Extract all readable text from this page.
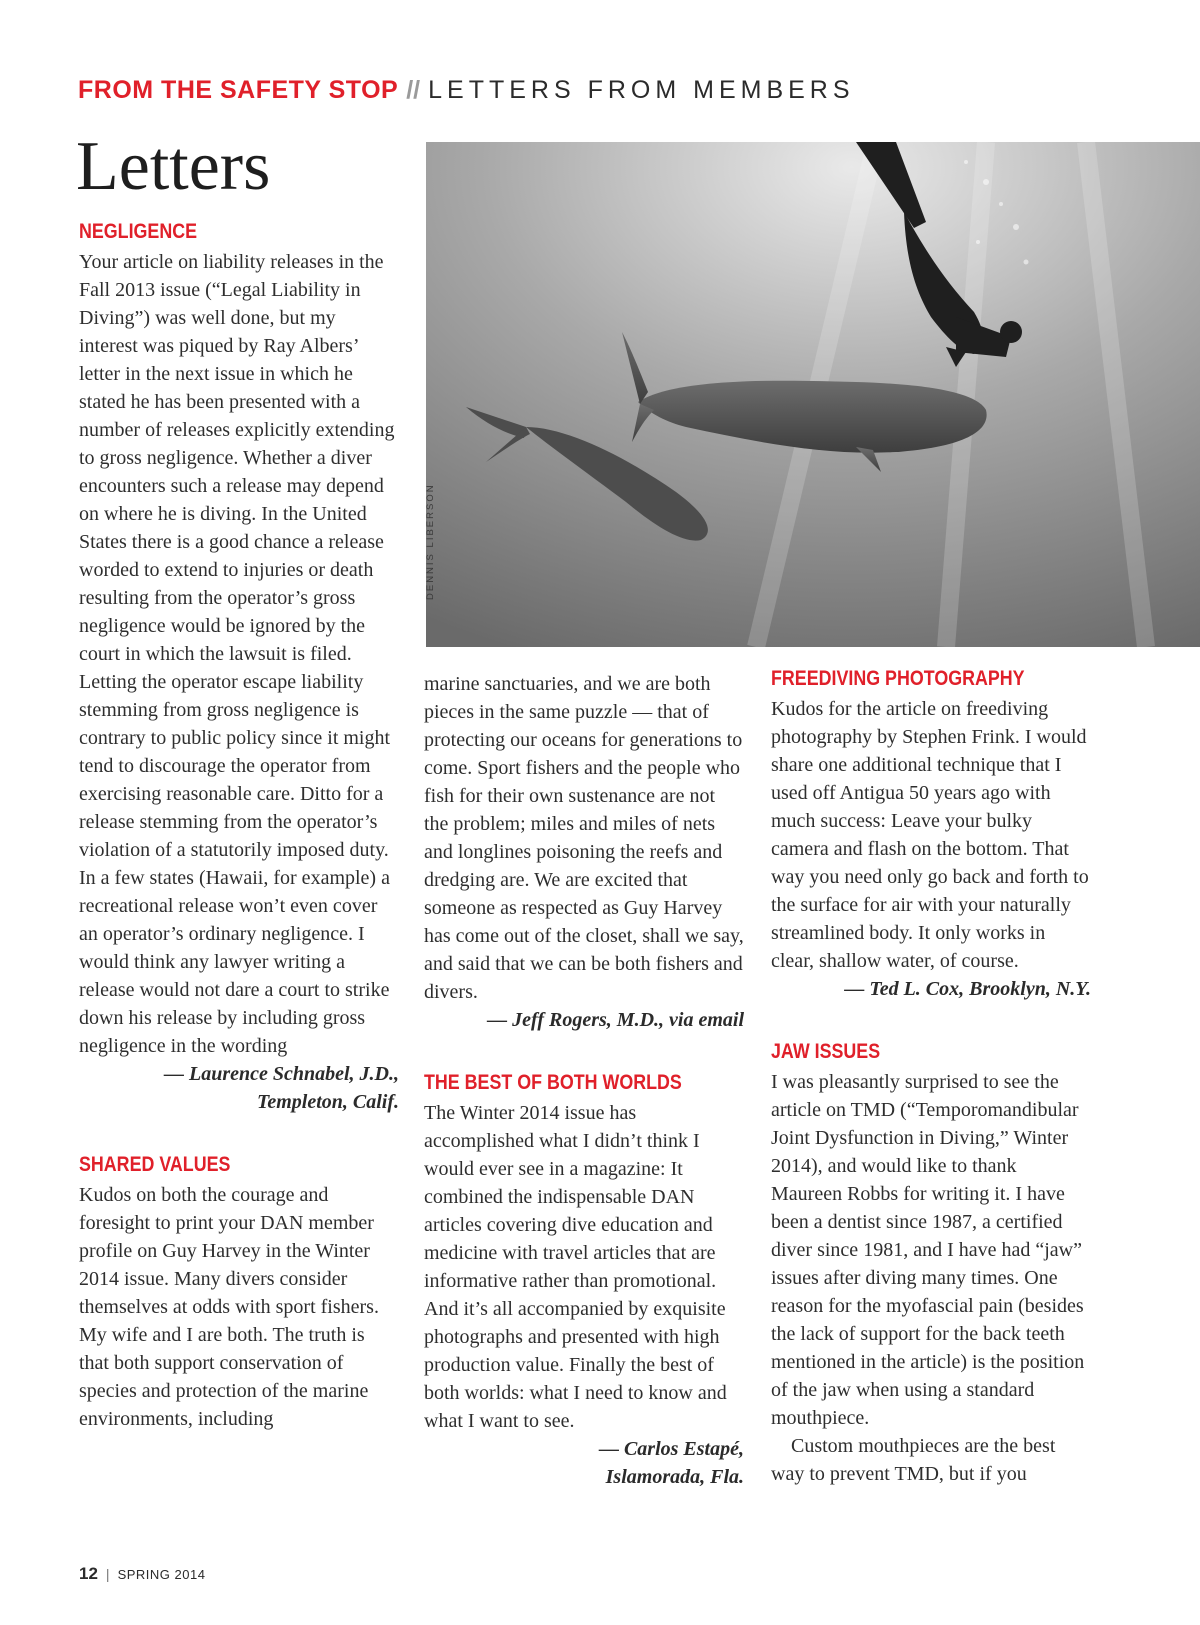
FROM THE SAFETY STOP // LETTERS FROM MEMBERS
Letters
DENNIS LIBERSON
NEGLIGENCE

Your article on liability releases in the Fall 2013 issue (“Legal Liability in Diving”) was well done, but my interest was piqued by Ray Albers’ letter in the next issue in which he stated he has been presented with a number of releases explicitly extending to gross negligence. Whether a diver encounters such a release may depend on where he is diving. In the United States there is a good chance a release worded to extend to injuries or death resulting from the operator’s gross negligence would be ignored by the court in which the lawsuit is filed. Letting the operator escape liability stemming from gross negligence is contrary to public policy since it might tend to discourage the operator from exercising reasonable care. Ditto for a release stemming from the operator’s violation of a statutorily imposed duty. In a few states (Hawaii, for example) a recreational release won’t even cover an operator’s ordinary negligence. I would think any lawyer writing a release would not dare a court to strike down his release by including gross negligence in the wording

— Laurence Schnabel, J.D.,

Templeton, Calif.

SHARED VALUES

Kudos on both the courage and foresight to print your DAN member profile on Guy Harvey in the Winter 2014 issue. Many divers consider themselves at odds with sport fishers. My wife and I are both. The truth is that both support conservation of species and protection of the marine environments, including

marine sanctuaries, and we are both pieces in the same puzzle — that of protecting our oceans for generations to come. Sport fishers and the people who fish for their own sustenance are not the problem; miles and miles of nets and longlines poisoning the reefs and dredging are. We are excited that someone as respected as Guy Harvey has come out of the closet, shall we say, and said that we can be both fishers and divers.

— Jeff Rogers, M.D., via email

THE BEST OF BOTH WORLDS

The Winter 2014 issue has accomplished what I didn’t think I would ever see in a magazine: It combined the indispensable DAN articles covering dive education and medicine with travel articles that are informative rather than promotional. And it’s all accompanied by exquisite photographs and presented with high production value. Finally the best of both worlds: what I need to know and what I want to see.

— Carlos Estapé,

Islamorada, Fla.

FREEDIVING PHOTOGRAPHY

Kudos for the article on freediving photography by Stephen Frink. I would share one additional technique that I used off Antigua 50 years ago with much success: Leave your bulky camera and flash on the bottom. That way you need only go back and forth to the surface for air with your naturally streamlined body. It only works in clear, shallow water, of course.

— Ted L. Cox, Brooklyn, N.Y.

JAW ISSUES

I was pleasantly surprised to see the article on TMD (“Temporomandibular Joint Dysfunction in Diving,” Winter 2014), and would like to thank Maureen Robbs for writing it. I have been a dentist since 1987, a certified diver since 1981, and I have had “jaw” issues after diving many times. One reason for the myofascial pain (besides the lack of support for the back teeth mentioned in the article) is the position of the jaw when using a standard mouthpiece.

Custom mouthpieces are the best way to prevent TMD, but if you

12 | SPRING 2014
